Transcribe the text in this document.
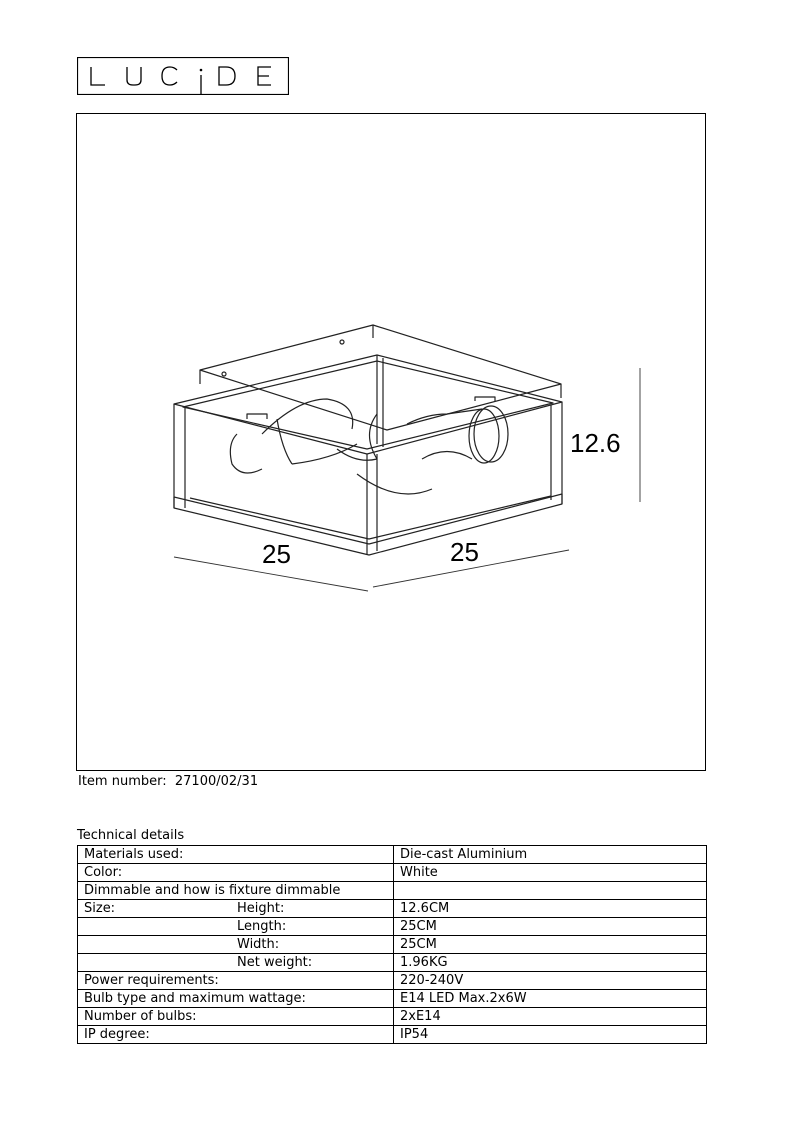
25	25
12.6
Item number: 27100/02/31
Technical details
Materials used:	Die-cast Aluminium
Color:	White
Dimmable and how is fixture dimmable	

Size: Height:	12.6CM

Length:	25CM

Width:	25CM

Net weight:	1.96KG
Power requirements:	220-240V
Bulb type and maximum wattage:	E14 LED Max.2x6W
Number of bulbs:	2xE14
IP degree:	IP54
